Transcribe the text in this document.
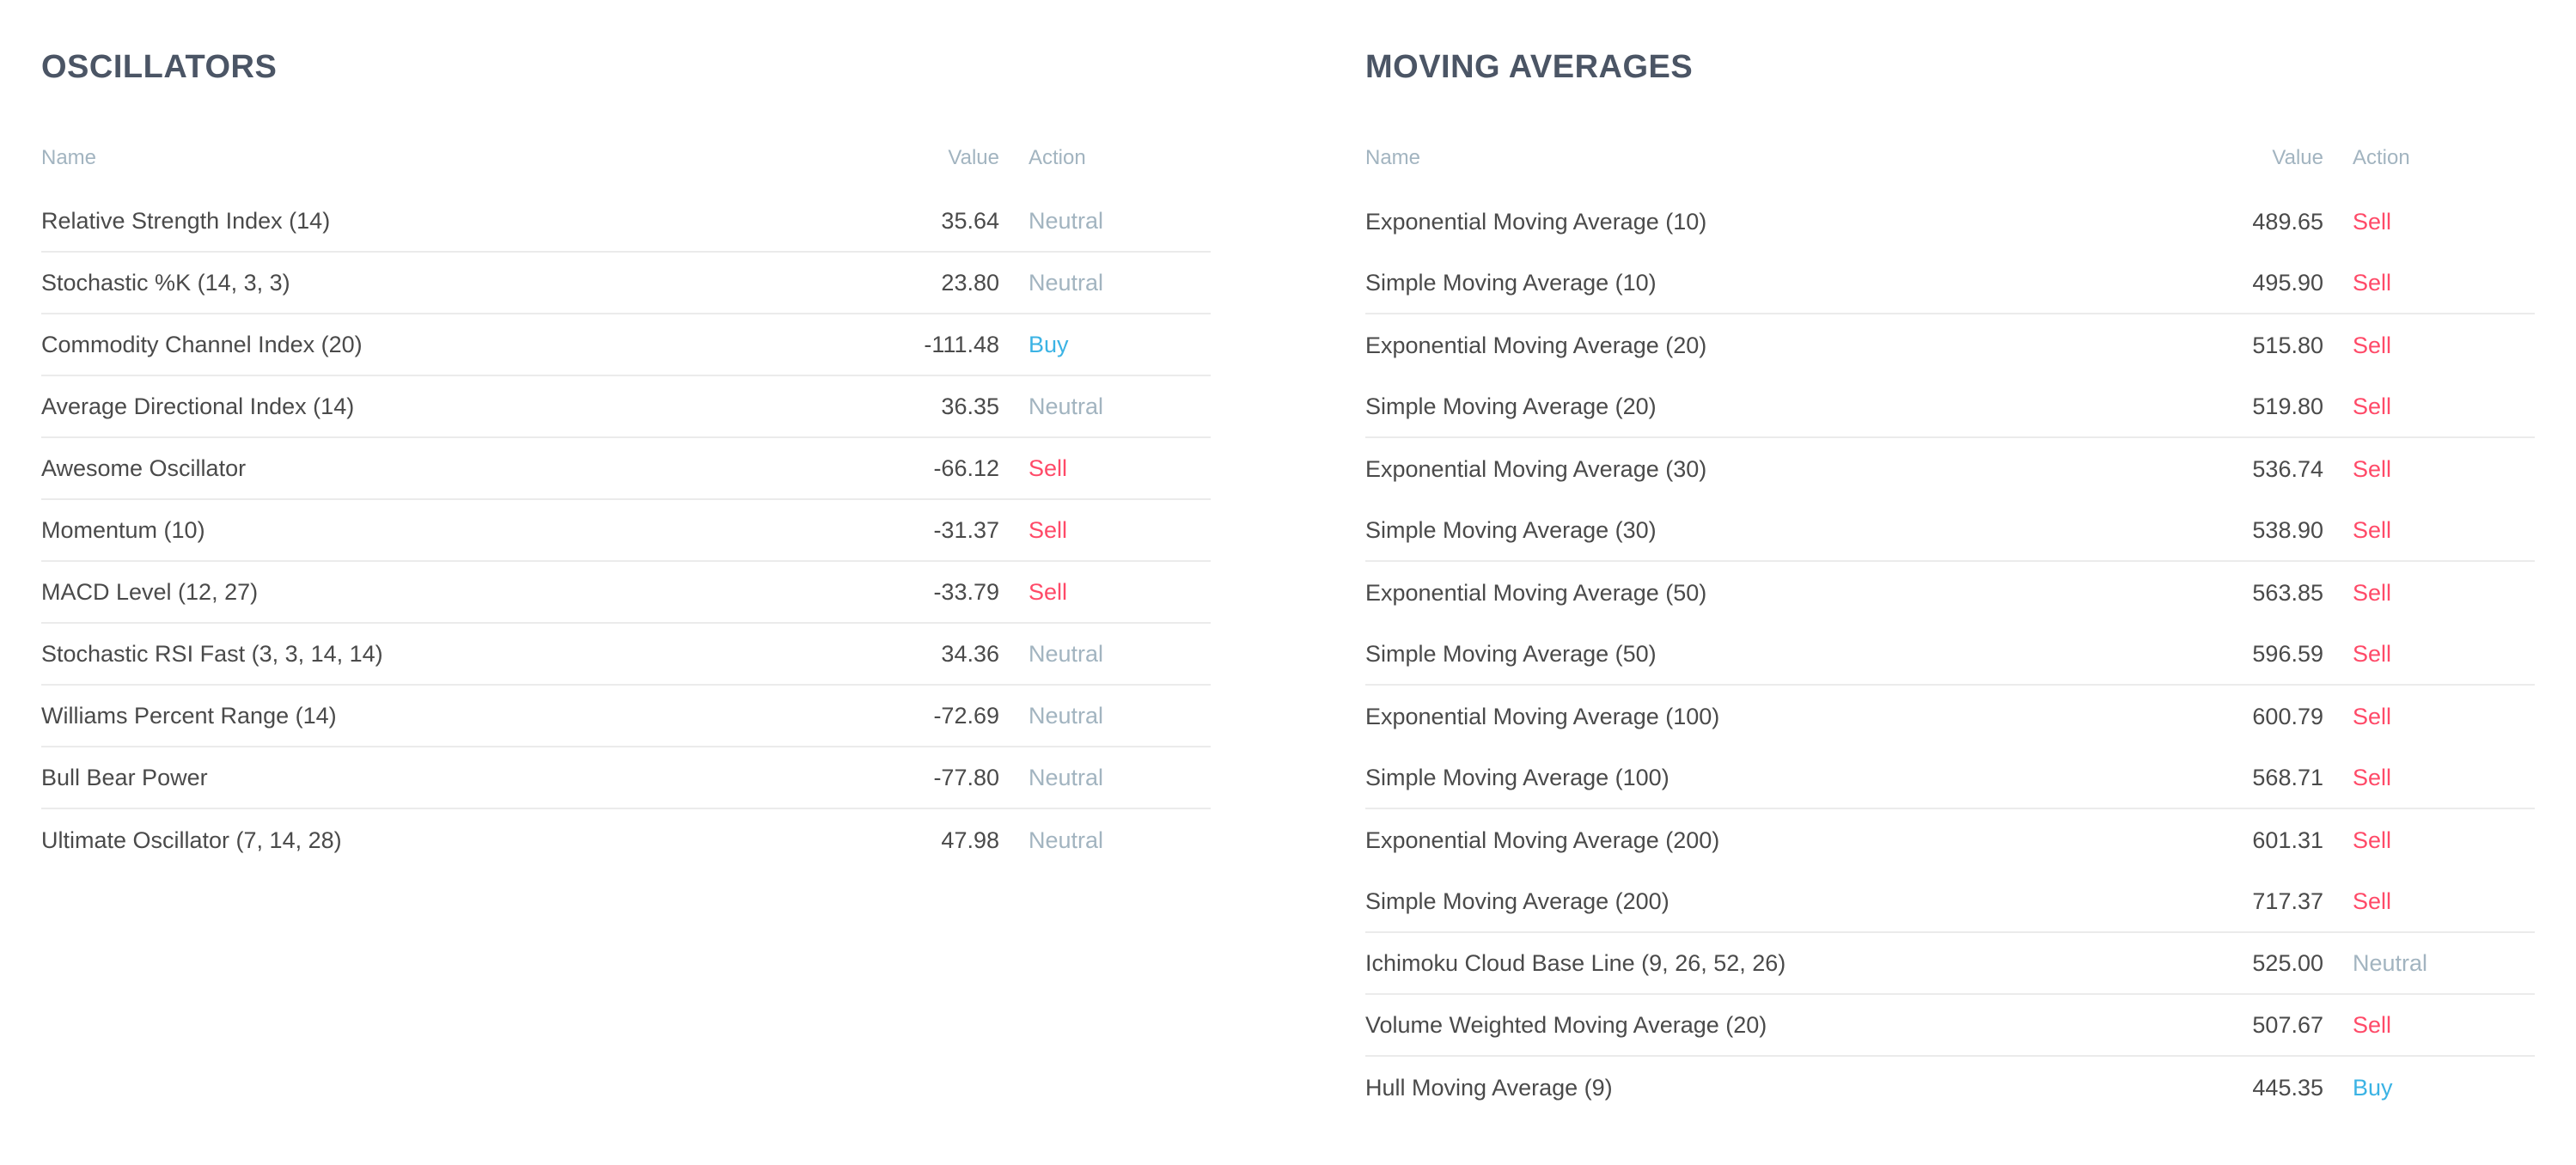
OSCILLATORS
Name	Value Action
Relative Strength Index (14)	35.64 Neutral
Stochastic %K (14, 3, 3)	23.80 Neutral
Commodity Channel Index (20)	-111.48 Buy
Average Directional Index (14)	36.35 Neutral
Awesome Oscillator	-66.12 Sell
Momentum (10)	-31.37 Sell
MACD Level (12, 27)	-33.79 Sell
Stochastic RSI Fast (3, 3, 14, 14)	34.36 Neutral
Williams Percent Range (14)	-72.69 Neutral
Bull Bear Power	-77.80 Neutral
Ultimate Oscillator (7, 14, 28)	47.98 Neutral
MOVING AVERAGES
Name	Value Action
Exponential Moving Average (10)	489.65 Sell
Simple Moving Average (10)	495.90 Sell
Exponential Moving Average (20)	515.80 Sell
Simple Moving Average (20)	519.80 Sell
Exponential Moving Average (30)	536.74 Sell
Simple Moving Average (30)	538.90 Sell
Exponential Moving Average (50)	563.85 Sell
Simple Moving Average (50)	596.59 Sell
Exponential Moving Average (100)	600.79 Sell
Simple Moving Average (100)	568.71 Sell
Exponential Moving Average (200)	601.31 Sell
Simple Moving Average (200)	717.37 Sell
Ichimoku Cloud Base Line (9, 26, 52, 26)	525.00 Neutral
Volume Weighted Moving Average (20)	507.67 Sell
Hull Moving Average (9)	445.35 Buy
